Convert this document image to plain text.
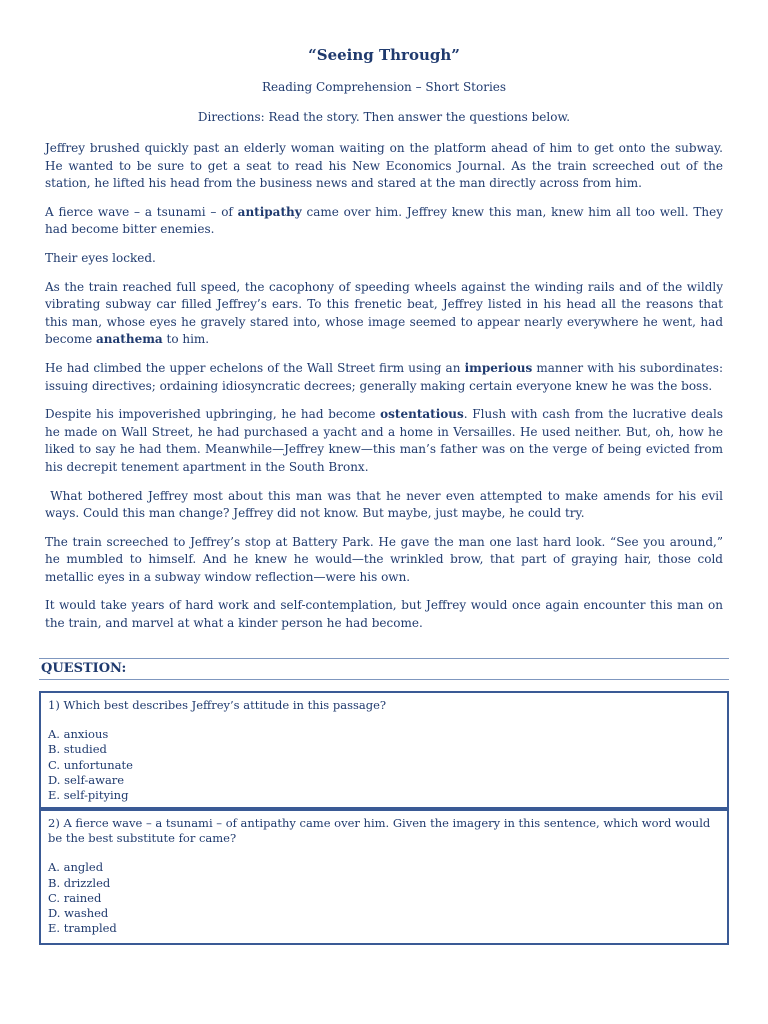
“Seeing Through”
Reading Comprehension – Short Stories
Directions: Read the story. Then answer the questions below.

Jeffrey brushed quickly past an elderly woman waiting on the platform ahead of him to get onto the subway. He wanted to be sure to get a seat to read his New Economics Journal. As the train screeched out of the station, he lifted his head from the business news and stared at the man directly across from him.

A fierce wave – a tsunami – of antipathy came over him. Jeffrey knew this man, knew him all too well. They had become bitter enemies.

Their eyes locked.

As the train reached full speed, the cacophony of speeding wheels against the winding rails and of the wildly vibrating subway car filled Jeffrey’s ears. To this frenetic beat, Jeffrey listed in his head all the reasons that this man, whose eyes he gravely stared into, whose image seemed to appear nearly everywhere he went, had become anathema to him.

He had climbed the upper echelons of the Wall Street firm using an imperious manner with his subordinates: issuing directives; ordaining idiosyncratic decrees; generally making certain everyone knew he was the boss.

Despite his impoverished upbringing, he had become ostentatious. Flush with cash from the lucrative deals he made on Wall Street, he had purchased a yacht and a home in Versailles. He used neither. But, oh, how he liked to say he had them. Meanwhile—Jeffrey knew—this man’s father was on the verge of being evicted from his decrepit tenement apartment in the South Bronx.

What bothered Jeffrey most about this man was that he never even attempted to make amends for his evil ways. Could this man change? Jeffrey did not know. But maybe, just maybe, he could try.

The train screeched to Jeffrey’s stop at Battery Park. He gave the man one last hard look. “See you around,” he mumbled to himself. And he knew he would—the wrinkled brow, that part of graying hair, those cold metallic eyes in a subway window reflection—were his own.

It would take years of hard work and self-contemplation, but Jeffrey would once again encounter this man on the train, and marvel at what a kinder person he had become.

QUESTION:

1) Which best describes Jeffrey’s attitude in this passage?

A. anxious

B. studied

C. unfortunate

D. self-aware

E. self-pitying

2) A fierce wave – a tsunami – of antipathy came over him. Given the imagery in this sentence, which word would be the best substitute for came?

A. angled

B. drizzled

C. rained

D. washed

E. trampled
